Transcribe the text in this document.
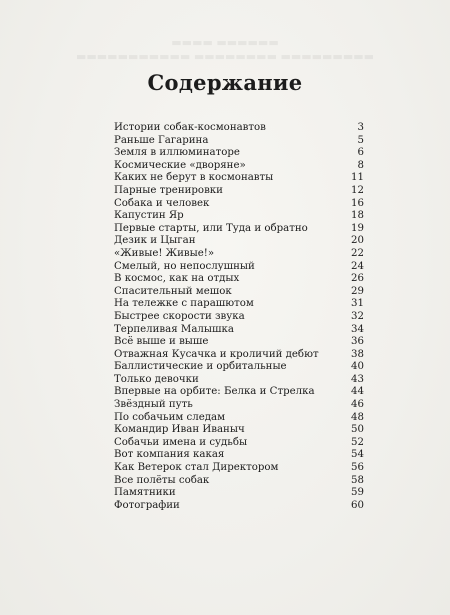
▬▬▬▬ ▬▬▬▬▬▬
▬▬▬▬▬▬▬▬▬▬▬ ▬▬▬▬▬▬▬▬ ▬▬▬▬▬▬▬▬▬
Содержание
Истории собак-космонавтов	3
Раньше Гагарина	5
Земля в иллюминаторе	6
Космические «дворяне»	8
Каких не берут в космонавты	11
Парные тренировки	12
Собака и человек	16
Капустин Яр	18
Первые старты, или Туда и обратно	19
Дезик и Цыган	20
«Живые! Живые!»	22
Смелый, но непослушный	24
В космос, как на отдых	26
Спасительный мешок	29
На тележке с парашютом	31
Быстрее скорости звука	32
Терпеливая Малышка	34
Всё выше и выше	36
Отважная Кусачка и кроличий дебют	38
Баллистические и орбитальные	40
Только девочки	43
Впервые на орбите: Белка и Стрелка	44
Звёздный путь	46
По собачьим следам	48
Командир Иван Иваныч	50
Собачьи имена и судьбы	52
Вот компания какая	54
Как Ветерок стал Директором	56
Все полёты собак	58
Памятники	59
Фотографии	60
